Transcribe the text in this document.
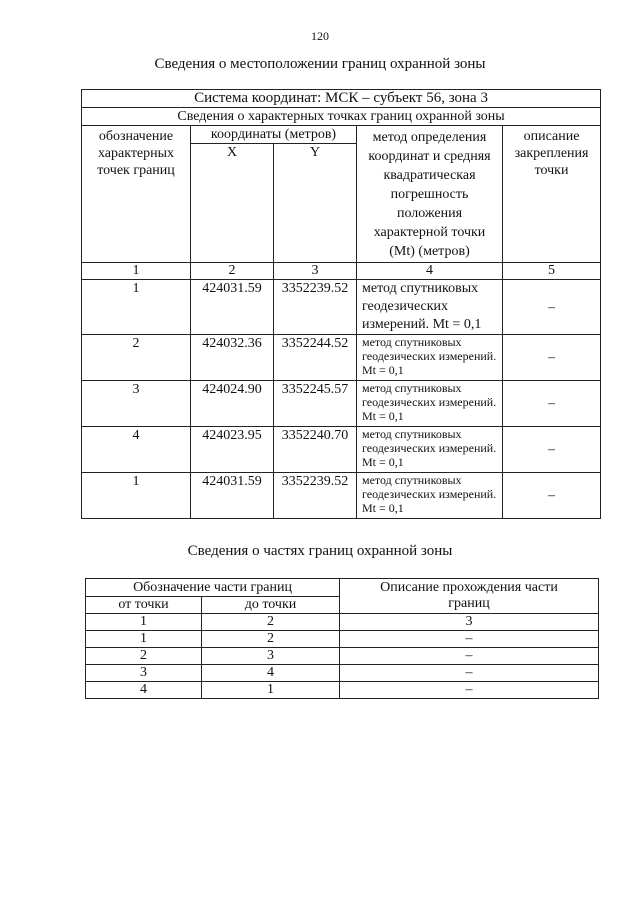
120
Сведения о местоположении границ охранной зоны
Система координат: МСК – субъект 56, зона 3				
Сведения о характерных точках границ охранной зоны				
обозначение характерных точек границ	координаты (метров)		метод определения координат и средняя квадратическая погрешность положения характерной точки (Mt) (метров)	описание закрепления точки
	X	Y		
1	2	3	4	5
1	424031.59	3352239.52	метод спутниковых геодезических измерений. Mt = 0,1	–
2	424032.36	3352244.52	метод спутниковых геодезических измерений. Mt = 0,1	–
3	424024.90	3352245.57	метод спутниковых геодезических измерений. Mt = 0,1	–
4	424023.95	3352240.70	метод спутниковых геодезических измерений. Mt = 0,1	–
1	424031.59	3352239.52	метод спутниковых геодезических измерений. Mt = 0,1	–
Сведения о частях границ охранной зоны
Обозначение части границ		Описание прохождения части границ
от точки	до точки	
1	2	3
1	2	–
2	3	–
3	4	–
4	1	–
